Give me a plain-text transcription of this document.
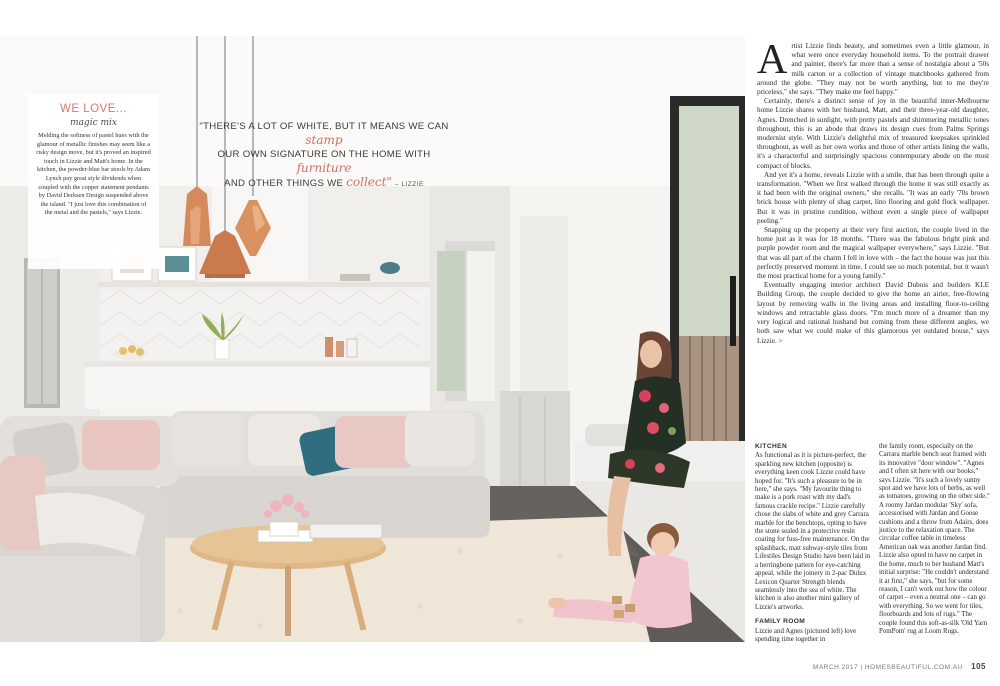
WE LOVE...
magic mix
Melding the softness of pastel hues with the glamour of metallic finishes may seem like a risky design move, but it's proved an inspired touch in Lizzie and Matt's home. In the kitchen, the powder-blue bar stools by Adam Lynch pay great style dividends when coupled with the copper statement pendants by David Derksen Design suspended above the island. "I just love this combination of the metal and the pastels," says Lizzie.
"THERE'S A LOT OF WHITE, BUT IT MEANS WE CAN stamp
OUR OWN SIGNATURE ON THE HOME WITH furniture
AND OTHER THINGS WE collect" – LIZZIE
A rtist Lizzie finds beauty, and sometimes even a little glamour, in what were once everyday household items. To the portrait drawer and painter, there's far more than a sense of nostalgia about a '50s milk carton or a collection of vintage matchbooks gathered from around the globe. "They may not be worth anything, but to me they're priceless," she says. "They make me feel happy."

Certainly, there's a distinct sense of joy in the beautiful inner-Melbourne home Lizzie shares with her husband, Matt, and their three-year-old daughter, Agnes. Drenched in sunlight, with pretty pastels and shimmering metallic tones throughout, this is an abode that draws its design cues from Palms Springs modernist style. With Lizzie's delightful mix of treasured keepsakes sprinkled throughout, as well as her own works and those of other artists lining the walls, it's a characterful and surprisingly spacious contemporary abode on the most compact of blocks.

And yet it's a home, reveals Lizzie with a smile, that has been through quite a transformation. "When we first walked through the home it was still exactly as it had been with the original owners," she recalls. "It was an early '70s brown brick house with plenty of shag carpet, lino flooring and gold flock wallpaper. But it was in pristine condition, without even a single piece of wallpaper peeling."

Snapping up the property at their very first auction, the couple lived in the home just as it was for 18 months. "There was the fabulous bright pink and purple powder room and the magical wallpaper everywhere," says Lizzie. "But that was all part of the charm I fell in love with – the fact the house was just this perfectly preserved moment in time. I could see so much potential, but it wasn't the most practical home for a young family."

Eventually engaging interior architect David Dubois and builders KLE Building Group, the couple decided to give the home an airier, free-flowing layout by removing walls in the living areas and installing floor-to-ceiling windows and retractable glass doors. "I'm much more of a dreamer than my very logical and rational husband but coming from these different angles, we both saw what we could make of this glamorous yet outdated house," says Lizzie. >

KITCHEN
As functional as it is picture-perfect, the sparkling new kitchen (opposite) is everything keen cook Lizzie could have hoped for. "It's such a pleasure to be in here," she says. "My favourite thing to make is a pork roast with my dad's famous crackle recipe." Lizzie carefully chose the slabs of white and grey Carrara marble for the benchtops, opting to have the stone sealed in a protective resin coating for fuss-free maintenance. On the splashback, matt subway-style tiles from Lifestiles Design Studio have been laid in a herringbone pattern for eye-catching appeal, while the joinery in 2-pac Dulux Lexicon Quarter Strength blends seamlessly into the sea of white. The kitchen is also another mini gallery of Lizzie's artworks.
FAMILY ROOM
Lizzie and Agnes (pictured left) love spending time together in
the family room, especially on the Carrara marble bench seat framed with its innovative "door window". "Agnes and I often sit here with our books," says Lizzie. "It's such a lovely sunny spot and we have lots of herbs, as well as tomatoes, growing on the other side." A roomy Jardan modular 'Sky' sofa, accessorised with Jardan and Goose cushions and a throw from Adairs, does justice to the relaxation space. The circular coffee table in timeless American oak was another Jardan find. Lizzie also opted to have no carpet in the home, much to her husband Matt's initial surprise: "He couldn't understand it at first," she says, "but for some reason, I can't work out how the colour of carpet – even a neutral one – can go with everything. So we went for tiles, floorboards and lots of rugs." The couple found this soft-as-silk 'Old Yarn PomPom' rug at Loom Rugs.
MARCH 2017 | HOMESBEAUTIFUL.COM.AU 105
